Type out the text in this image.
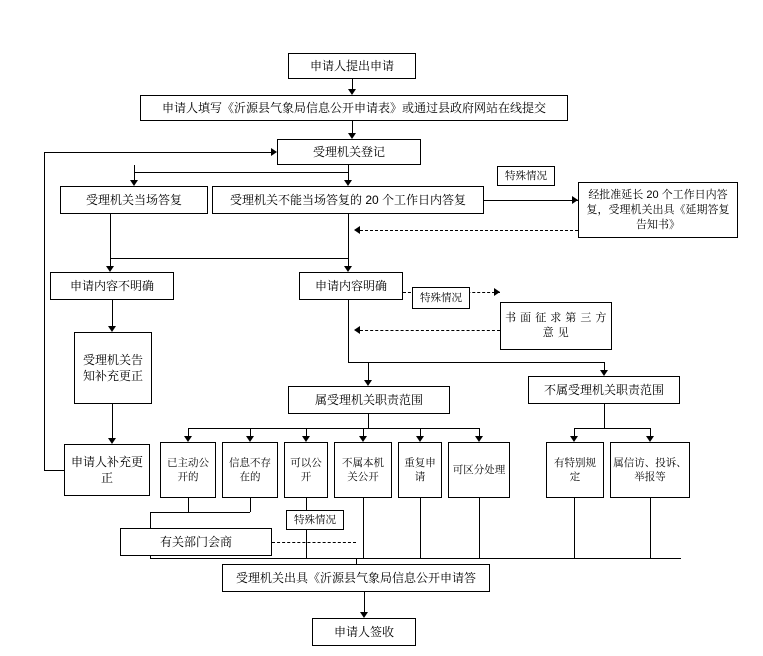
申请人提出申请
申请人填写《沂源县气象局信息公开申请表》或通过县政府网站在线提交
受理机关登记
受理机关当场答复	受理机关不能当场答复的 20 个工作日内答复
特殊情况
经批准延长 20 个工作日内答复，受理机关出具《延期答复告知书》
申请内容不明确	申请内容明确
特殊情况
书 面 征 求 第 三 方 意 见
受理机关告知补充更正
申请人补充更正
属受理机关职责范围
不属受理机关职责范围
已主动公开的
信息不存在的
可以公开
不属本机关公开
重复申请
可区分处理
有特别规定
属信访、投诉、举报等
特殊情况
有关部门会商
受理机关出具《沂源县气象局信息公开申请答
申请人签收
